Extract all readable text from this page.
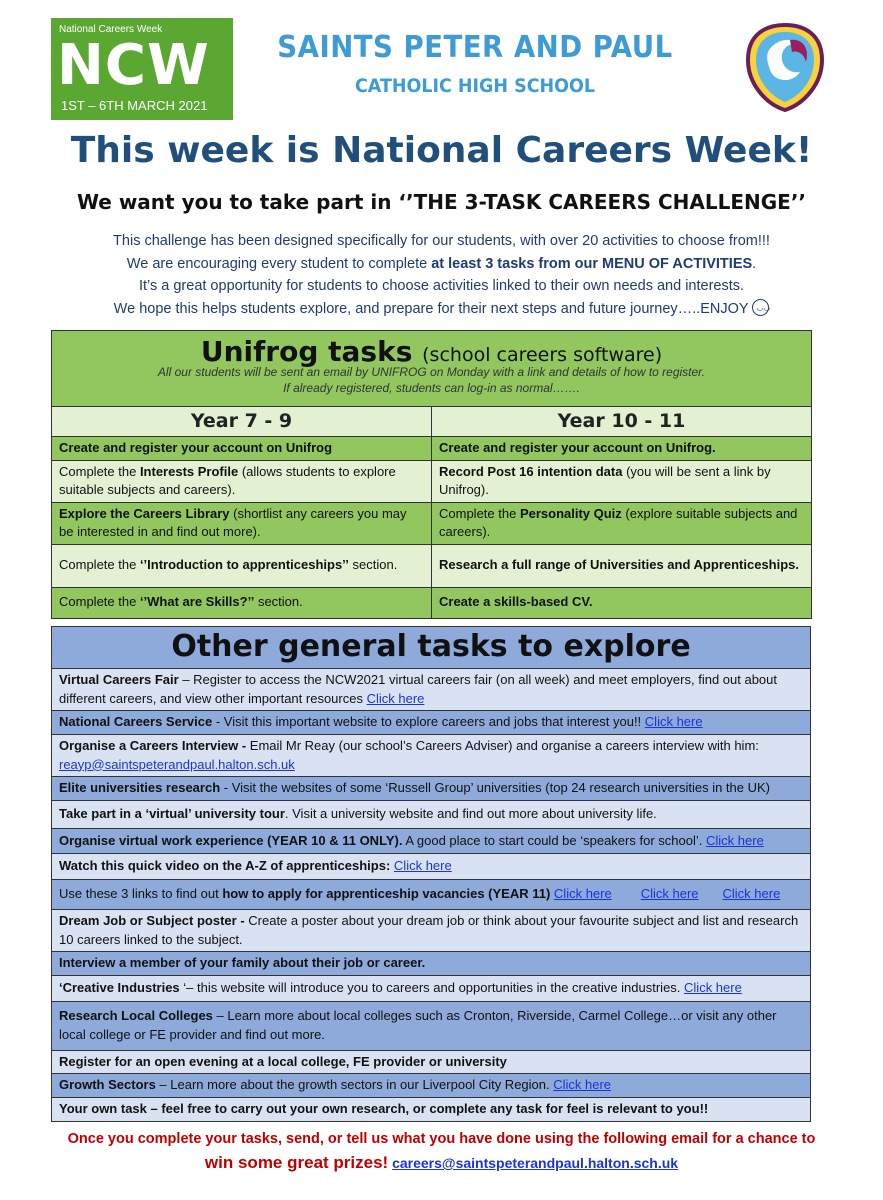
National Careers Week
NCW
1ST – 6TH MARCH 2021
SAINTS PETER AND PAUL
CATHOLIC HIGH SCHOOL
This week is National Careers Week!
We want you to take part in ‘’THE 3-TASK CAREERS CHALLENGE’’
This challenge has been designed specifically for our students, with over 20 activities to choose from!!!
We are encouraging every student to complete at least 3 tasks from our MENU OF ACTIVITIES.
It’s a great opportunity for students to choose activities linked to their own needs and interests.
We hope this helps students explore, and prepare for their next steps and future journey…..ENJOY ◡◡
Unifrog tasks (school careers software)
All our students will be sent an email by UNIFROG on Monday with a link and details of how to register.
If already registered, students can log-in as normal…….	

Year 7 - 9	Year 10 - 11
Create and register your account on Unifrog	Create and register your account on Unifrog.
Complete the Interests Profile (allows students to explore suitable subjects and careers).	Record Post 16 intention data (you will be sent a link by Unifrog).
Explore the Careers Library (shortlist any careers you may be interested in and find out more).	Complete the Personality Quiz (explore suitable subjects and careers).
Complete the ‘’Introduction to apprenticeships’’ section.	Research a full range of Universities and Apprenticeships.
Complete the ‘’What are Skills?’’ section.	Create a skills-based CV.
Other general tasks to explore
Virtual Careers Fair – Register to access the NCW2021 virtual careers fair (on all week) and meet employers, find out about different careers, and view other important resources Click here
National Careers Service - Visit this important website to explore careers and jobs that interest you!! Click here
Organise a Careers Interview - Email Mr Reay (our school’s Careers Adviser) and organise a careers interview with him: reayp@saintspeterandpaul.halton.sch.uk
Elite universities research - Visit the websites of some ‘Russell Group’ universities (top 24 research universities in the UK)
Take part in a ‘virtual’ university tour. Visit a university website and find out more about university life.
Organise virtual work experience (YEAR 10 & 11 ONLY). A good place to start could be ‘speakers for school’. Click here
Watch this quick video on the A-Z of apprenticeships: Click here
Use these 3 links to find out how to apply for apprenticeship vacancies (YEAR 11) Click here Click here Click here
Dream Job or Subject poster - Create a poster about your dream job or think about your favourite subject and list and research 10 careers linked to the subject.
Interview a member of your family about their job or career.
‘Creative Industries ‘– this website will introduce you to careers and opportunities in the creative industries. Click here
Research Local Colleges – Learn more about local colleges such as Cronton, Riverside, Carmel College…or visit any other local college or FE provider and find out more.
Register for an open evening at a local college, FE provider or university
Growth Sectors – Learn more about the growth sectors in our Liverpool City Region. Click here
Your own task – feel free to carry out your own research, or complete any task for feel is relevant to you!!
Once you complete your tasks, send, or tell us what you have done using the following email for a chance to
win some great prizes! careers@saintspeterandpaul.halton.sch.uk
